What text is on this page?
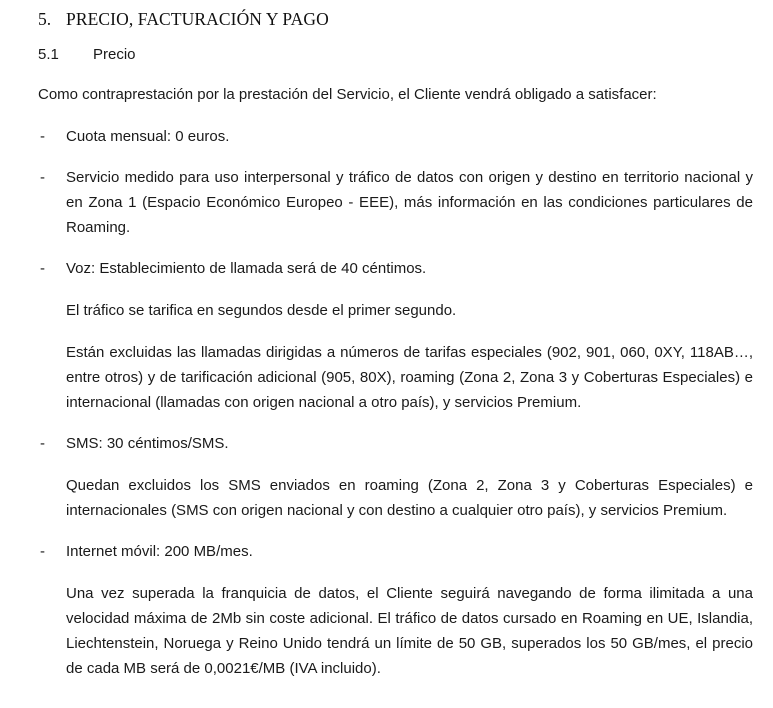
5. PRECIO, FACTURACIÓN Y PAGO
5.1	Precio
Como contraprestación por la prestación del Servicio, el Cliente vendrá obligado a satisfacer:
-	Cuota mensual: 0 euros.
-	Servicio medido para uso interpersonal y tráfico de datos con origen y destino en territorio nacional y en Zona 1 (Espacio Económico Europeo - EEE), más información en las condiciones particulares de Roaming.
-	Voz: Establecimiento de llamada será de 40 céntimos.
El tráfico se tarifica en segundos desde el primer segundo.
Están excluidas las llamadas dirigidas a números de tarifas especiales (902, 901, 060, 0XY, 118AB…, entre otros) y de tarificación adicional (905, 80X), roaming (Zona 2, Zona 3 y Coberturas Especiales) e internacional (llamadas con origen nacional a otro país), y servicios Premium.
-	SMS: 30 céntimos/SMS.
Quedan excluidos los SMS enviados en roaming (Zona 2, Zona 3 y Coberturas Especiales) e internacionales (SMS con origen nacional y con destino a cualquier otro país), y servicios Premium.
-	Internet móvil: 200 MB/mes.
Una vez superada la franquicia de datos, el Cliente seguirá navegando de forma ilimitada a una velocidad máxima de 2Mb sin coste adicional. El tráfico de datos cursado en Roaming en UE, Islandia, Liechtenstein, Noruega y Reino Unido tendrá un límite de 50 GB, superados los 50 GB/mes, el precio de cada MB será de 0,0021€/MB (IVA incluido).
